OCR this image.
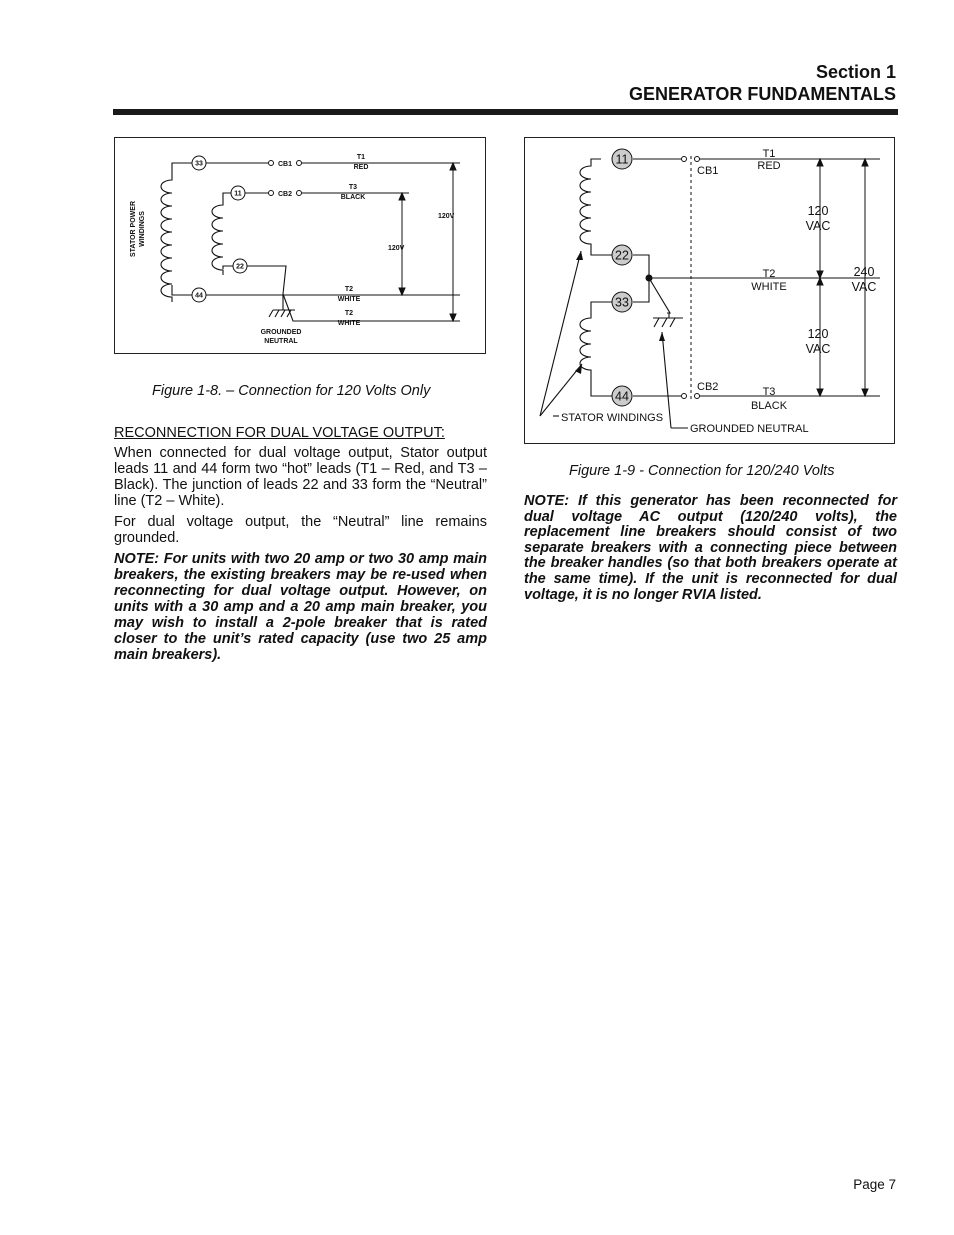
Section 1
GENERATOR FUNDAMENTALS
33
11
22
44
CB1
CB2
T1
RED
T3
BLACK
T2
WHITE
T2
WHITE
120V
120V
GROUNDED
NEUTRAL
STATOR POWER WINDINGS
Figure 1-8. – Connection for 120 Volts Only
11
22
33
44
CB1
CB2
T1
RED
T2
WHITE
T3
BLACK
STATOR WINDINGS
GROUNDED NEUTRAL
120
VAC
120
VAC
240
VAC
Figure 1-9 - Connection for 120/240 Volts

RECONNECTION FOR DUAL VOLTAGE OUTPUT:

When connected for dual voltage output, Stator output leads 11 and 44 form two “hot” leads (T1 – Red, and T3 – Black). The junction of leads 22 and 33 form the “Neutral” line (T2 – White).

For dual voltage output, the “Neutral” line remains grounded.

NOTE: For units with two 20 amp or two 30 amp main breakers, the existing breakers may be re-used when reconnecting for dual voltage output. However, on units with a 30 amp and a 20 amp main breaker, you may wish to install a 2-pole breaker that is rated closer to the unit’s rated capacity (use two 25 amp main breakers).

NOTE: If this generator has been reconnected for dual voltage AC output (120/240 volts), the replacement line breakers should consist of two separate breakers with a connecting piece between the breaker handles (so that both breakers operate at the same time). If the unit is reconnected for dual voltage, it is no longer RVIA listed.

Page 7
